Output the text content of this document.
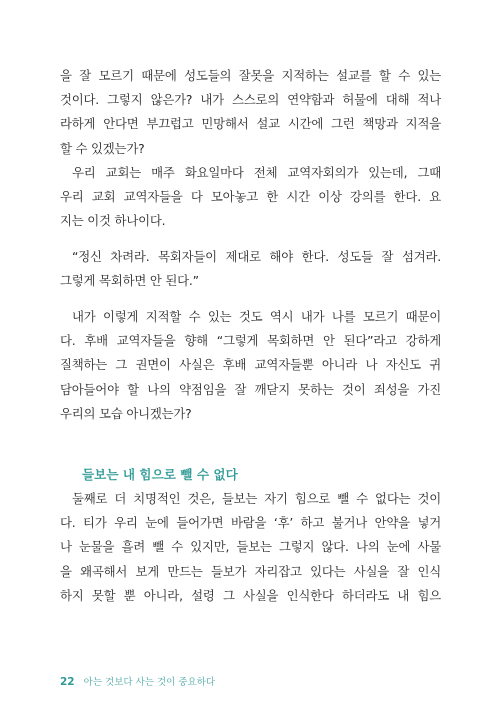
을 잘 모르기 때문에 성도들의 잘못을 지적하는 설교를 할 수 있는
것이다. 그렇지 않은가? 내가 스스로의 연약함과 허물에 대해 적나
라하게 안다면 부끄럽고 민망해서 설교 시간에 그런 책망과 지적을
할 수 있겠는가?
우리 교회는 매주 화요일마다 전체 교역자회의가 있는데, 그때
우리 교회 교역자들을 다 모아놓고 한 시간 이상 강의를 한다. 요
지는 이것 하나이다.
“정신 차려라. 목회자들이 제대로 해야 한다. 성도들 잘 섬겨라.
그렇게 목회하면 안 된다.”
내가 이렇게 지적할 수 있는 것도 역시 내가 나를 모르기 때문이
다. 후배 교역자들을 향해 “그렇게 목회하면 안 된다”라고 강하게
질책하는 그 권면이 사실은 후배 교역자들뿐 아니라 나 자신도 귀
담아들어야 할 나의 약점임을 잘 깨닫지 못하는 것이 죄성을 가진
우리의 모습 아니겠는가?
들보는 내 힘으로 뺄 수 없다
둘째로 더 치명적인 것은, 들보는 자기 힘으로 뺄 수 없다는 것이
다. 티가 우리 눈에 들어가면 바람을 ‘후’ 하고 불거나 안약을 넣거
나 눈물을 흘려 뺄 수 있지만, 들보는 그렇지 않다. 나의 눈에 사물
을 왜곡해서 보게 만드는 들보가 자리잡고 있다는 사실을 잘 인식
하지 못할 뿐 아니라, 설령 그 사실을 인식한다 하더라도 내 힘으
22 아는 것보다 사는 것이 중요하다
